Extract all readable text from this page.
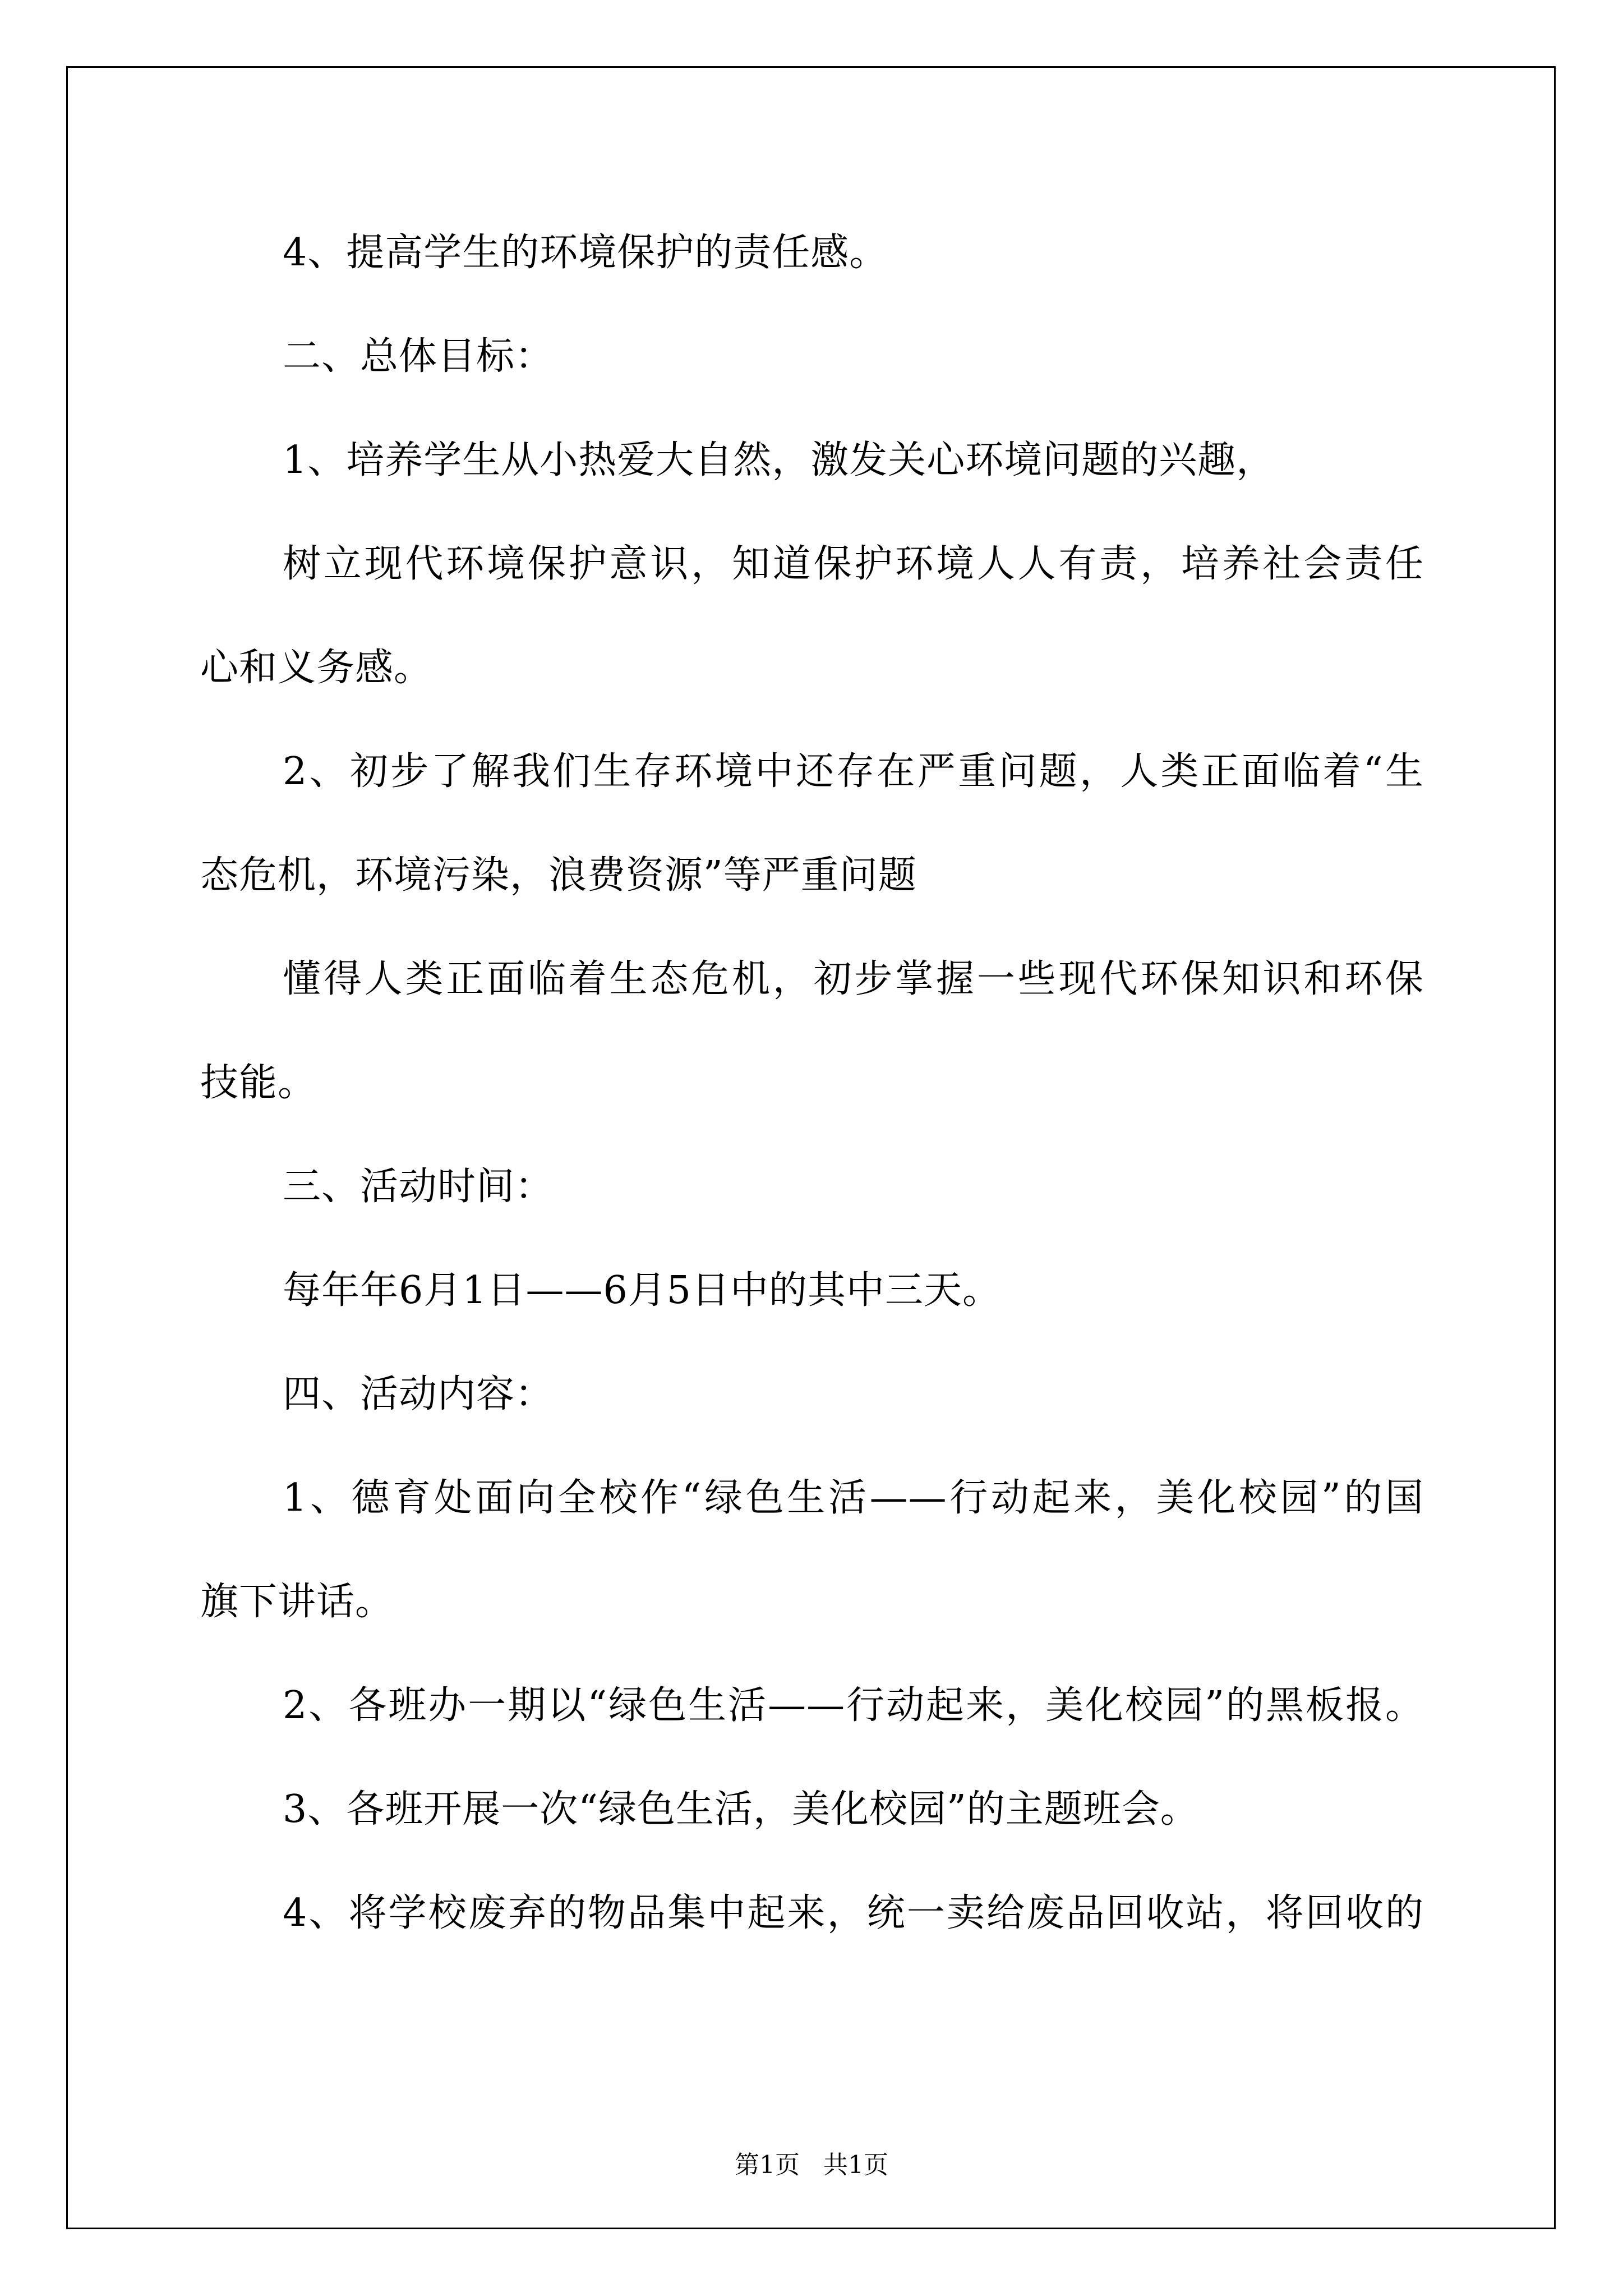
4、提高学生的环境保护的责任感。

二、总体目标：

1、培养学生从小热爱大自然，激发关心环境问题的兴趣，

树立现代环境保护意识，知道保护环境人人有责，培养社会责任

心和义务感。

2、初步了解我们生存环境中还存在严重问题，人类正面临着“生

态危机，环境污染，浪费资源”等严重问题

懂得人类正面临着生态危机，初步掌握一些现代环保知识和环保

技能。

三、活动时间：

每年年6月1日——6月5日中的其中三天。

四、活动内容：

1、德育处面向全校作“绿色生活——行动起来，美化校园”的国

旗下讲话。

2、各班办一期以“绿色生活——行动起来，美化校园”的黑板报。

3、各班开展一次“绿色生活，美化校园”的主题班会。

4、将学校废弃的物品集中起来，统一卖给废品回收站，将回收的

第1页   共1页
